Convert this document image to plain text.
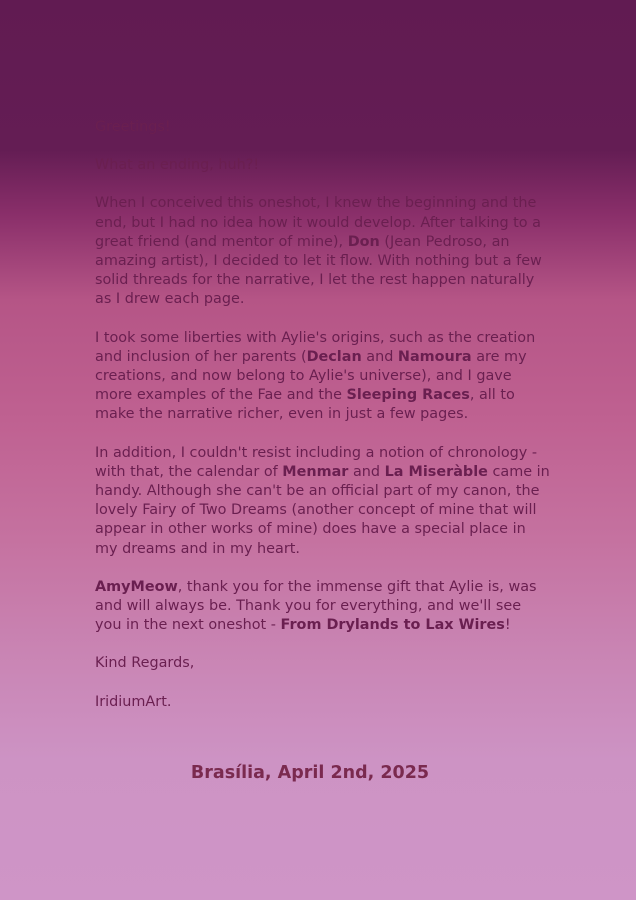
Greetings!

What an ending, huh?!

When I conceived this oneshot, I knew the beginning and the end, but I had no idea how it would develop. After talking to a great friend (and mentor of mine), Don (Jean Pedroso, an amazing artist), I decided to let it flow. With nothing but a few solid threads for the narrative, I let the rest happen naturally as I drew each page.

I took some liberties with Aylie's origins, such as the creation and inclusion of her parents (Declan and Namoura are my creations, and now belong to Aylie's universe), and I gave more examples of the Fae and the Sleeping Races, all to make the narrative richer, even in just a few pages.

In addition, I couldn't resist including a notion of chronology - with that, the calendar of Menmar and La Miseràble came in handy. Although she can't be an official part of my canon, the lovely Fairy of Two Dreams (another concept of mine that will appear in other works of mine) does have a special place in my dreams and in my heart.

AmyMeow, thank you for the immense gift that Aylie is, was and will always be. Thank you for everything, and we'll see you in the next oneshot - From Drylands to Lax Wires!

Kind Regards,

IridiumArt.

Brasília, April 2nd, 2025
